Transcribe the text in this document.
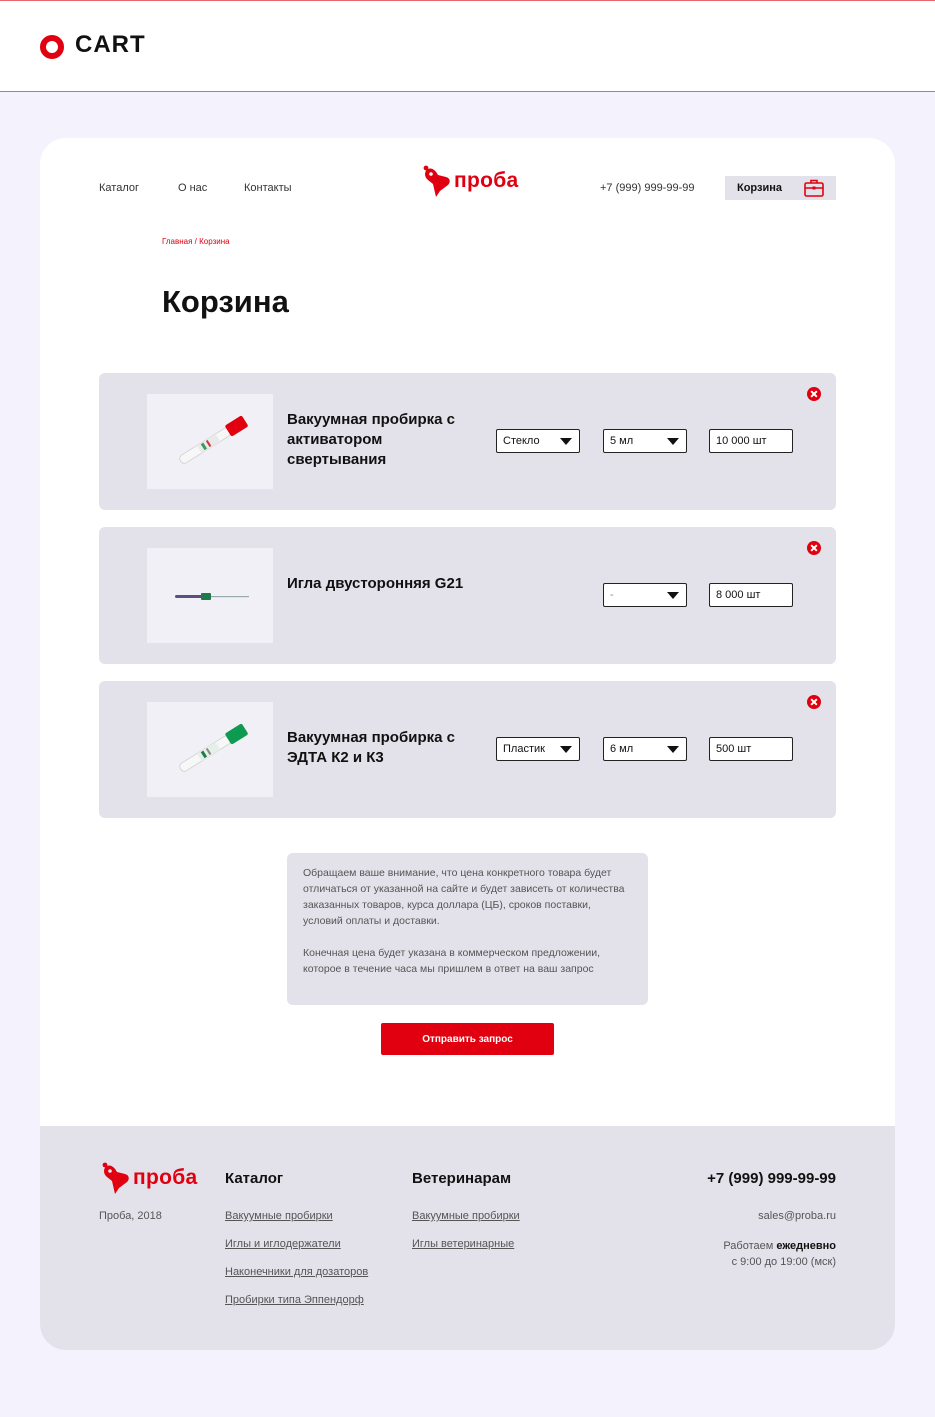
CART
Каталог	О нас	Контакты	проба	+7 (999) 999-99-99	Корзина
Главная / Корзина
Корзина
Вакуумная пробирка с активатором свертывания
Стекло	5 мл	10 000 шт
Игла двусторонняя G21
-	8 000 шт
Вакуумная пробирка с ЭДТА К2 и К3	Пластик	6 мл	500 шт

Обращаем ваше внимание, что цена конкретного товара будет отличаться от указанной на сайте и будет зависеть от количества заказанных товаров, курса доллара (ЦБ), сроков поставки, условий оплаты и доставки.

Конечная цена будет указана в коммерческом предложении, которое в течение часа мы пришлем в ответ на ваш запрос

Отправить запрос
проба
Проба, 2018
Каталог
Вакуумные пробирки
Иглы и иглодержатели
Наконечники для дозаторов
Пробирки типа Эппендорф
Ветеринарам
Вакуумные пробирки
Иглы ветеринарные
+7 (999) 999-99-99
sales@proba.ru
Работаем ежедневно
с 9:00 до 19:00 (мск)
